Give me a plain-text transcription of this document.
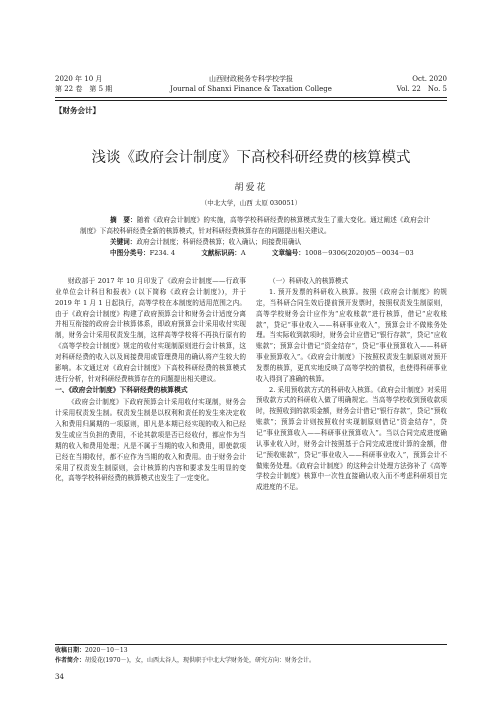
2020 年 10 月
第 22 卷　第 5 期
山西财政税务专科学校学报
Journal of Shanxi Finance & Taxation College
Oct. 2020
Vol. 22　No. 5
【财务会计】
浅谈《政府会计制度》下高校科研经费的核算模式
胡爱花
（中北大学，山西 太原 030051）
摘　要：随着《政府会计制度》的实施，高等学校科研经费的核算模式发生了重大变化。通过阐述《政府会计制度》下高校科研经费全新的核算模式，针对科研经费核算存在的问题提出相关建议。
关键词：政府会计制度；科研经费核算；收入确认；间接费用确认
中图分类号：F234. 4	文献标识码：A	文章编号：1008－9306(2020)05－0034－03

财政部于 2017 年 10 月印发了《政府会计制度——行政事业单位会计科目和报表》(以下简称《政府会计制度》)，并于 2019 年 1 月 1 日起执行，高等学校在本制度的适用范围之内。由于《政府会计制度》构建了政府预算会计和财务会计适度分离并相互衔接的政府会计核算体系，即政府预算会计采用收付实现制，财务会计采用权责发生制，这样高等学校将不再执行原有的《高等学校会计制度》规定的收付实现制原则进行会计核算，这对科研经费的收入以及间接费用或管理费用的确认将产生较大的影响。本文通过对《政府会计制度》下高校科研经费的核算模式进行分析，针对科研经费核算存在的问题提出相关建议。

一、《政府会计制度》下科研经费的核算模式

《政府会计制度》下政府预算会计采用收付实现制，财务会计采用权责发生制。权责发生制是以权利和责任的发生来决定收入和费用归属期的一项原则，即凡是本期已经实现的收入和已经发生或应当负担的费用，不论其款项是否已经收付，都应作为当期的收入和费用处理；凡是不属于当期的收入和费用，即使款项已经在当期收付，都不应作为当期的收入和费用。由于财务会计采用了权责发生制原则，会计核算的内容和要求发生明显的变化，高等学校科研经费的核算模式也发生了一定变化。

（一）科研收入的核算模式

1. 预开发票的科研收入核算。按照《政府会计制度》的规定，当科研合同生效后提前预开发票时，按照权责发生制原则，高等学校财务会计应作为“应收账款”进行核算，借记“应收账款”，贷记“事业收入——科研事业收入”，预算会计不做账务处理。当实际收到款项时，财务会计应借记“银行存款”，贷记“应收账款”；预算会计借记“资金结存”，贷记“事业预算收入——科研事业预算收入”。《政府会计制度》下按照权责发生制原则对预开发票的核算，更真实地反映了高等学校的债权，也使得科研事业收入得到了准确的核算。

2. 采用预收款方式的科研收入核算。《政府会计制度》对采用预收款方式的科研收入做了明确规定。当高等学校收到预收款项时，按照收到的款项金额，财务会计借记“银行存款”，贷记“预收账款”；预算会计则按照收付实现制原则借记“资金结存”，贷记“事业预算收入——科研事业预算收入”。当以合同完成进度确认事业收入时，财务会计按照基于合同完成进度计算的金额，借记“预收账款”，贷记“事业收入——科研事业收入”，预算会计不做账务处理。《政府会计制度》的这种会计处理方法弥补了《高等学校会计制度》核算中一次性直接确认收入而不考虑科研项目完成进度的不足。

收稿日期：2020－10－13
作者简介：胡爱花(1970－)，女，山西太谷人，现供职于中北大学财务处，研究方向：财务会计。
34
